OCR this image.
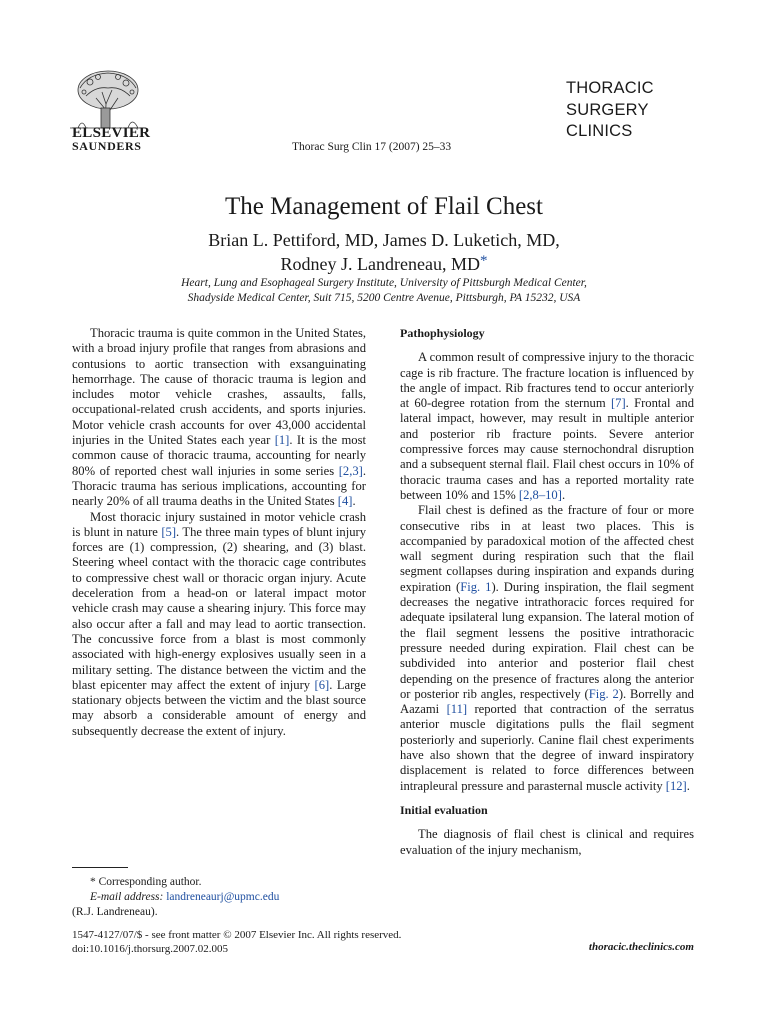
ELSEVIER
SAUNDERS	Thorac Surg Clin 17 (2007) 25–33
THORACIC
SURGERY
CLINICS
The Management of Flail Chest
Brian L. Pettiford, MD, James D. Luketich, MD,
Rodney J. Landreneau, MD*
Heart, Lung and Esophageal Surgery Institute, University of Pittsburgh Medical Center,
Shadyside Medical Center, Suit 715, 5200 Centre Avenue, Pittsburgh, PA 15232, USA

Thoracic trauma is quite common in the United States, with a broad injury profile that ranges from abrasions and contusions to aortic transection with exsanguinating hemorrhage. The cause of thoracic trauma is legion and includes motor vehicle crashes, assaults, falls, occupational-related crush accidents, and sports injuries. Motor vehicle crash accounts for over 43,000 accidental injuries in the United States each year [1]. It is the most common cause of thoracic trauma, accounting for nearly 80% of reported chest wall injuries in some series [2,3]. Thoracic trauma has serious implications, accounting for nearly 20% of all trauma deaths in the United States [4].

Most thoracic injury sustained in motor vehicle crash is blunt in nature [5]. The three main types of blunt injury forces are (1) compression, (2) shearing, and (3) blast. Steering wheel contact with the thoracic cage contributes to compressive chest wall or thoracic organ injury. Acute deceleration from a head-on or lateral impact motor vehicle crash may cause a shearing injury. This force may also occur after a fall and may lead to aortic transection. The concussive force from a blast is most commonly associated with high-energy explosives usually seen in a military setting. The distance between the victim and the blast epicenter may affect the extent of injury [6]. Large stationary objects between the victim and the blast source may absorb a considerable amount of energy and subsequently decrease the extent of injury.

Pathophysiology

A common result of compressive injury to the thoracic cage is rib fracture. The fracture location is influenced by the angle of impact. Rib fractures tend to occur anteriorly at 60-degree rotation from the sternum [7]. Frontal and lateral impact, however, may result in multiple anterior and posterior rib fracture points. Severe anterior compressive forces may cause sternochondral disruption and a subsequent sternal flail. Flail chest occurs in 10% of thoracic trauma cases and has a reported mortality rate between 10% and 15% [2,8–10].

Flail chest is defined as the fracture of four or more consecutive ribs in at least two places. This is accompanied by paradoxical motion of the affected chest wall segment during respiration such that the flail segment collapses during inspiration and expands during expiration (Fig. 1). During inspiration, the flail segment decreases the negative intrathoracic forces required for adequate ipsilateral lung expansion. The lateral motion of the flail segment lessens the positive intrathoracic pressure needed during expiration. Flail chest can be subdivided into anterior and posterior flail chest depending on the presence of fractures along the anterior or posterior rib angles, respectively (Fig. 2). Borrelly and Aazami [11] reported that contraction of the serratus anterior muscle digitations pulls the flail segment posteriorly and superiorly. Canine flail chest experiments have also shown that the degree of inward inspiratory displacement is related to force differences between intrapleural pressure and parasternal muscle activity [12].

Initial evaluation

The diagnosis of flail chest is clinical and requires evaluation of the injury mechanism,

* Corresponding author.
E-mail address: landreneaurj@upmc.edu
(R.J. Landreneau).
1547-4127/07/$ - see front matter © 2007 Elsevier Inc. All rights reserved.
doi:10.1016/j.thorsurg.2007.02.005	thoracic.theclinics.com
